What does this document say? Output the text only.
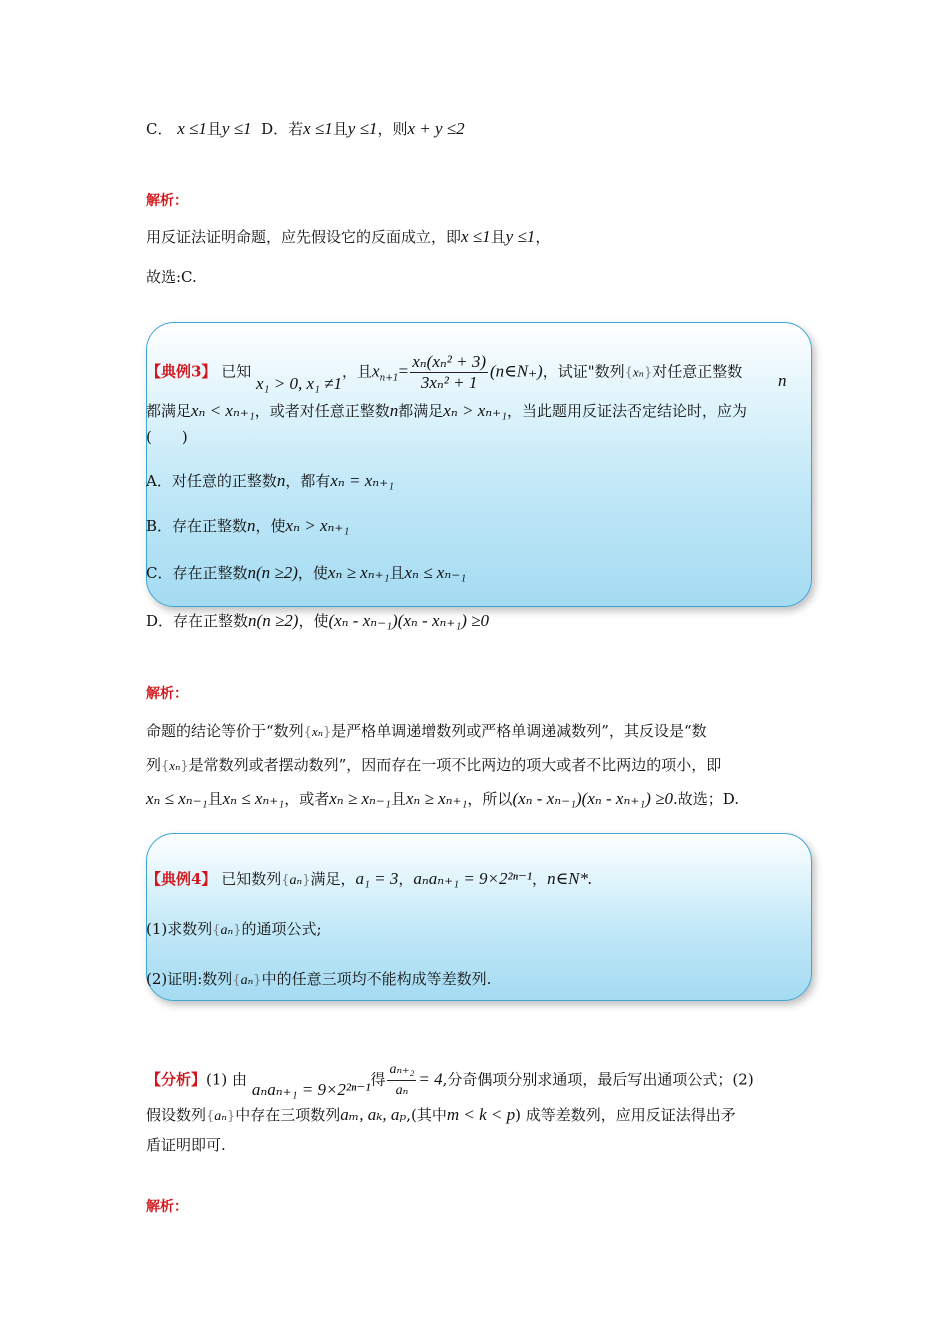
C． x ≤1且y ≤1 D．若x ≤1且y ≤1，则x + y ≤2
解析：
用反证法证明命题，应先假设它的反面成立，即x ≤1且y ≤1，
故选:C.
【典例3】 已知 x₁ > 0, x₁ ≠1，且$x_{n+1}= \frac{\text{xₙ(xₙ² + 3)}}{\text{3xₙ² + 1}}$ (n∈N₊)，试证"数列{xₙ}对任意正整数 n
都满足xₙ < xₙ₊₁，或者对任意正整数n都满足xₙ > xₙ₊₁，当此题用反证法否定结论时，应为
(　　)
A．对任意的正整数n，都有xₙ = xₙ₊₁
B．存在正整数n，使xₙ > xₙ₊₁
C．存在正整数n(n ≥2)，使xₙ ≥ xₙ₊₁且xₙ ≤ xₙ₋₁
D．存在正整数n(n ≥2)，使(xₙ - xₙ₋₁)(xₙ - xₙ₊₁) ≥0
解析：
命题的结论等价于“数列{xₙ}是严格单调递增数列或严格单调递减数列”，其反设是“数
列{xₙ}是常数列或者摆动数列”，因而存在一项不比两边的项大或者不比两边的项小，即
xₙ ≤ xₙ₋₁且xₙ ≤ xₙ₊₁，或者xₙ ≥ xₙ₋₁且xₙ ≥ xₙ₊₁，所以(xₙ - xₙ₋₁)(xₙ - xₙ₊₁) ≥0.故选；D.
【典例4】 已知数列{aₙ}满足，a₁ = 3，aₙaₙ₊₁ = 9×2²ⁿ⁻¹，n∈N*.
(1)求数列{aₙ}的通项公式;
(2)证明:数列{aₙ}中的任意三项均不能构成等差数列.
【分析】(1) 由 aₙaₙ₊₁ = 9×2²ⁿ⁻¹得 $\frac{\text{aₙ₊₂}}{\text{aₙ}} = 4$,分奇偶项分别求通项，最后写出通项公式；(2)
假设数列{aₙ}中存在三项数列aₘ, aₖ, aₚ,(其中m < k < p) 成等差数列，应用反证法得出矛
盾证明即可.
解析：
